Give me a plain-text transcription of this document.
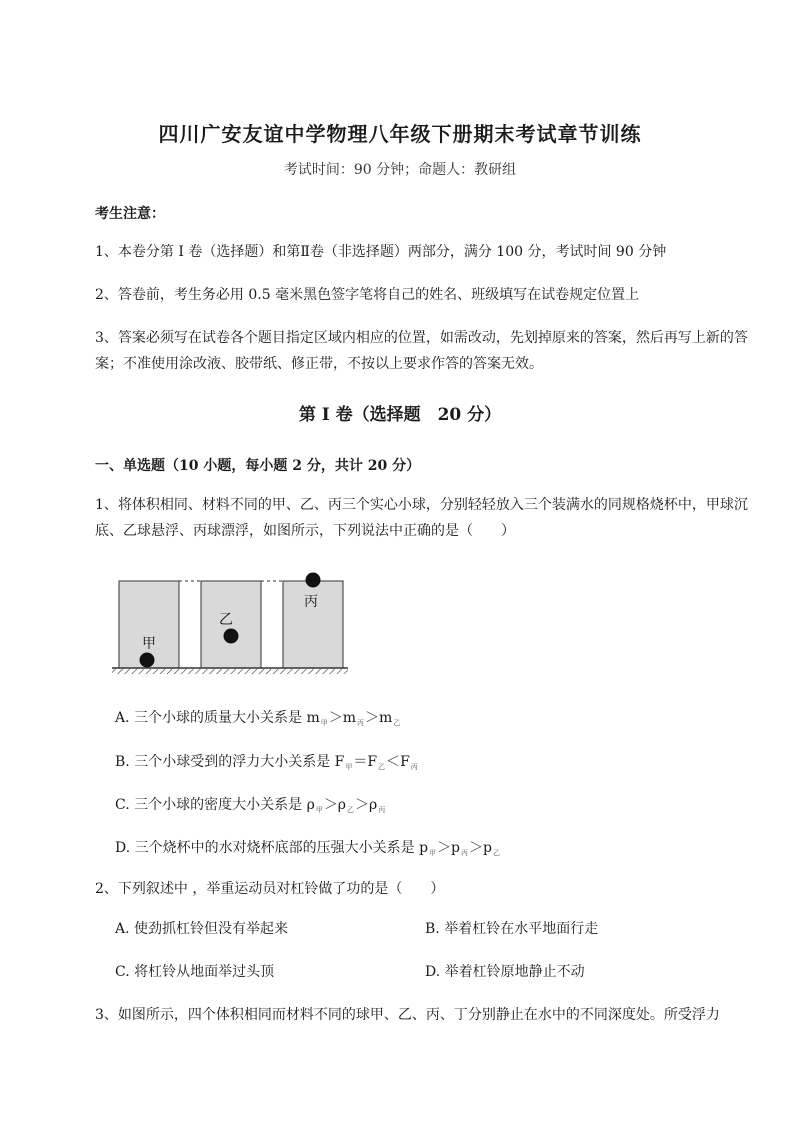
四川广安友谊中学物理八年级下册期末考试章节训练
考试时间：90 分钟；命题人：教研组
考生注意：
1、本卷分第 I 卷（选择题）和第Ⅱ卷（非选择题）两部分，满分 100 分，考试时间 90 分钟
2、答卷前，考生务必用 0.5 毫米黑色签字笔将自己的姓名、班级填写在试卷规定位置上
3、答案必须写在试卷各个题目指定区域内相应的位置，如需改动，先划掉原来的答案，然后再写上新的答案；不准使用涂改液、胶带纸、修正带，不按以上要求作答的答案无效。
第 I 卷（选择题　20 分）
一、单选题（10 小题，每小题 2 分，共计 20 分）
1、将体积相同、材料不同的甲、乙、丙三个实心小球，分别轻轻放入三个装满水的同规格烧杯中，甲球沉底、乙球悬浮、丙球漂浮，如图所示，下列说法中正确的是（　　）
甲
乙
丙
A. 三个小球的质量大小关系是 $m_甲>m_丙>m_乙$
B. 三个小球受到的浮力大小关系是 $F_甲=F_乙<F_丙$
C. 三个小球的密度大小关系是 $\rho_甲>\rho_乙>\rho_丙$
D. 三个烧杯中的水对烧杯底部的压强大小关系是 $p_甲>p_丙>p_乙$
2、下列叙述中 ，举重运动员对杠铃做了功的是（　　）
A. 使劲抓杠铃但没有举起来	B. 举着杠铃在水平地面行走
C. 将杠铃从地面举过头顶	D. 举着杠铃原地静止不动
3、如图所示，四个体积相同而材料不同的球甲、乙、丙、丁分别静止在水中的不同深度处。所受浮力
